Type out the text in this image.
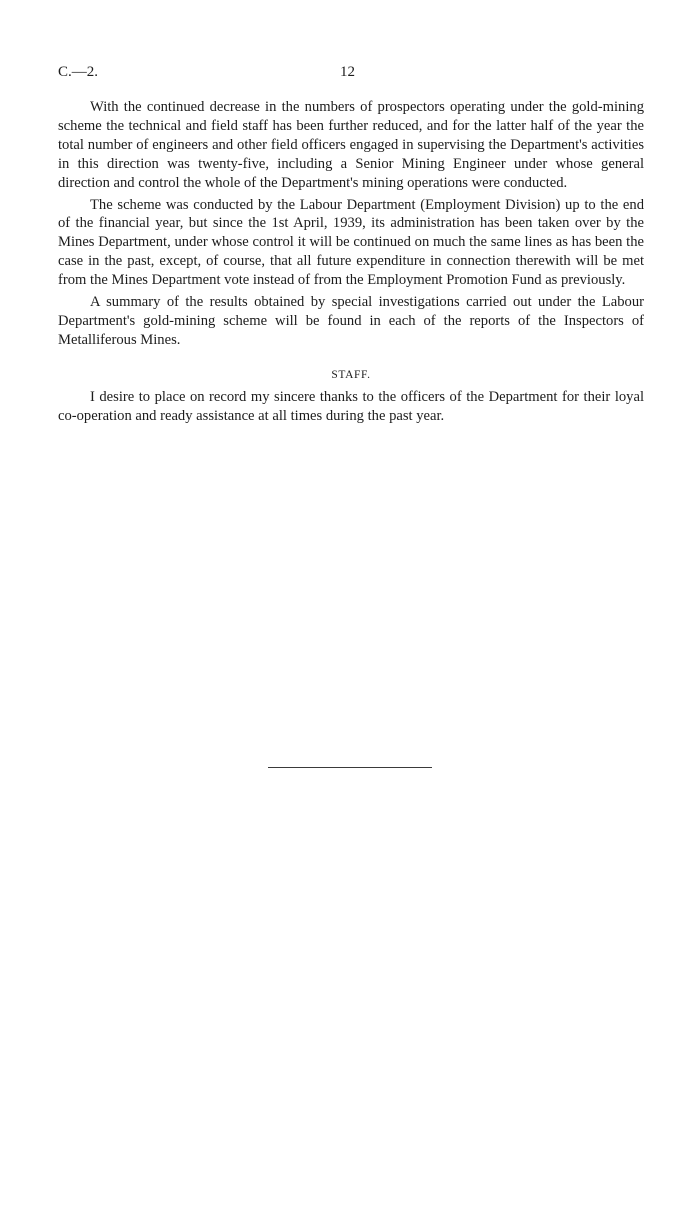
C.—2.	12

With the continued decrease in the numbers of prospectors operating under the gold-mining scheme the technical and field staff has been further reduced, and for the latter half of the year the total number of engineers and other field officers engaged in supervising the Department's activities in this direction was twenty-five, including a Senior Mining Engineer under whose general direction and control the whole of the Department's mining operations were conducted.

The scheme was conducted by the Labour Department (Employment Division) up to the end of the financial year, but since the 1st April, 1939, its administration has been taken over by the Mines Department, under whose control it will be continued on much the same lines as has been the case in the past, except, of course, that all future expenditure in connection therewith will be met from the Mines Department vote instead of from the Employment Promotion Fund as previously.

A summary of the results obtained by special investigations carried out under the Labour Department's gold-mining scheme will be found in each of the reports of the Inspectors of Metalliferous Mines.

STAFF.

I desire to place on record my sincere thanks to the officers of the Department for their loyal co-operation and ready assistance at all times during the past year.
